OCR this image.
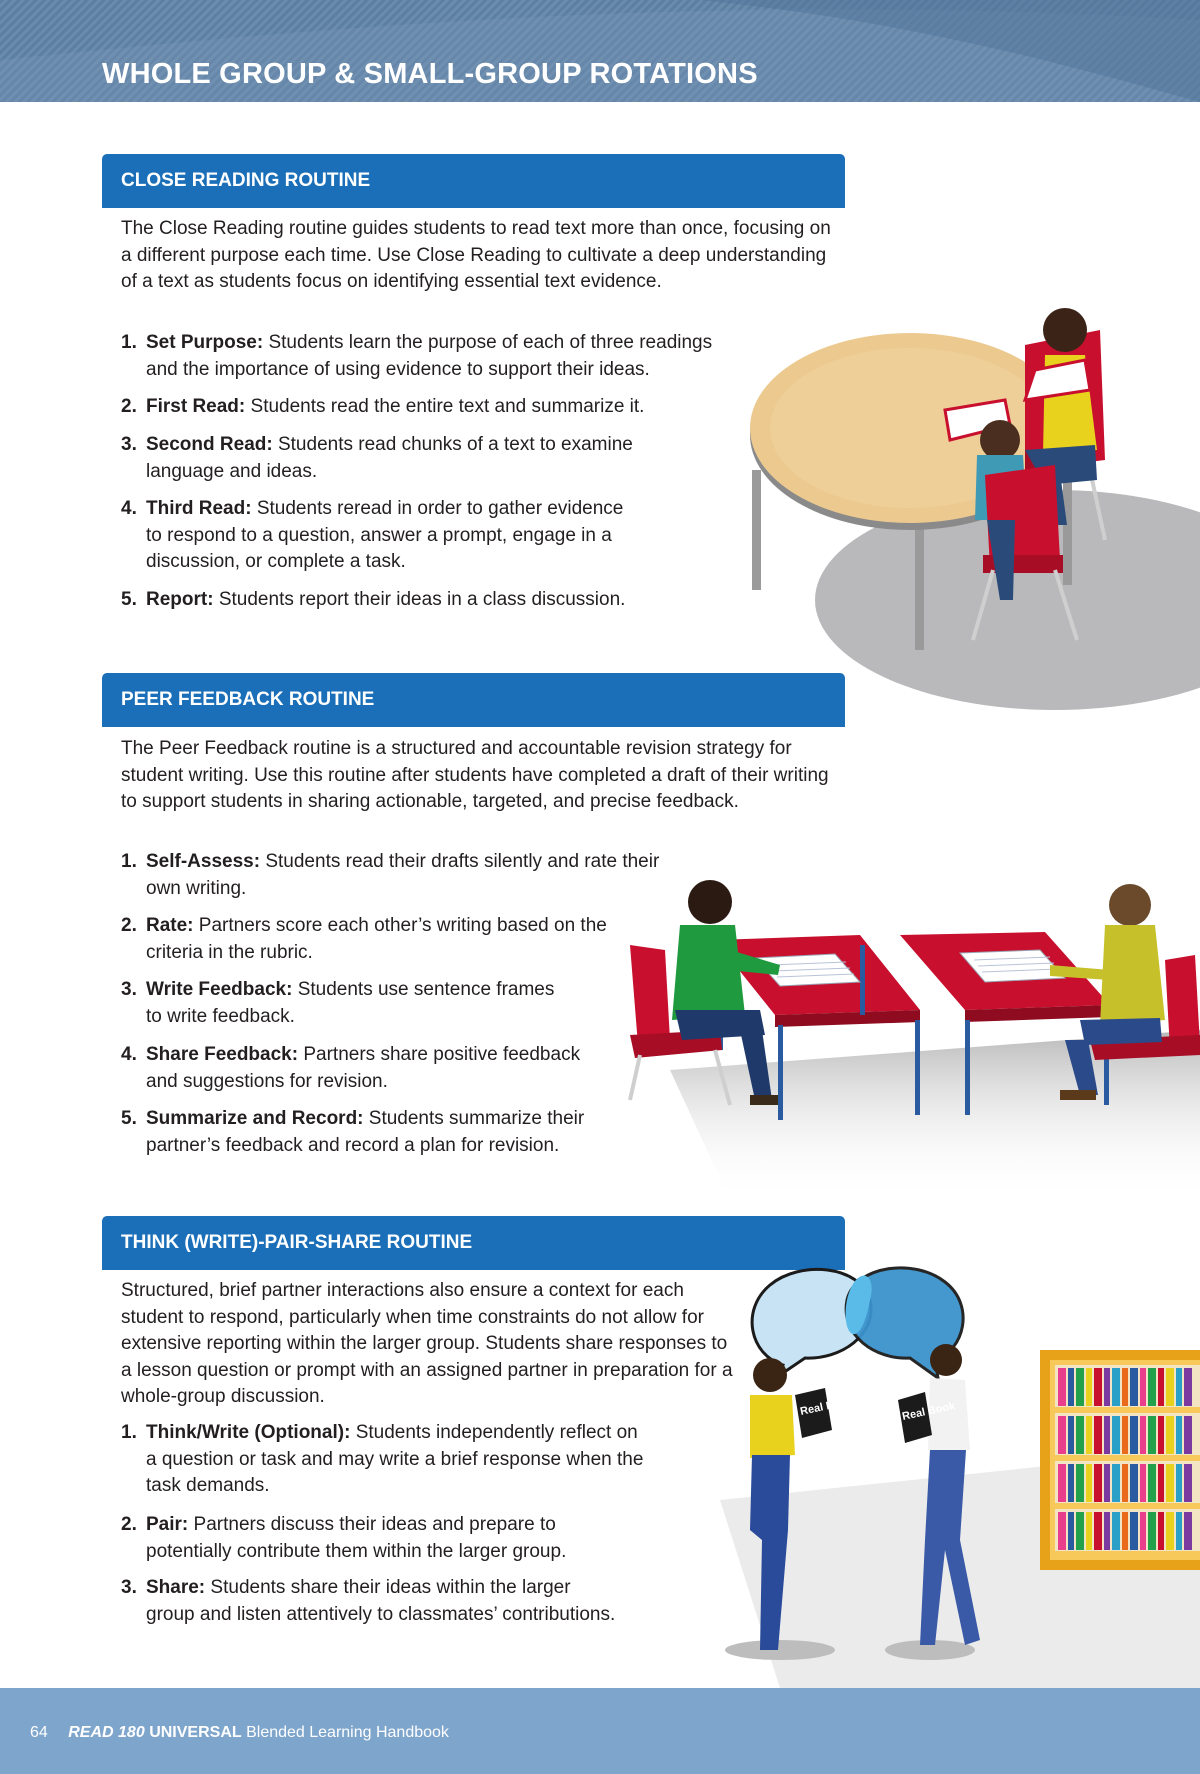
WHOLE GROUP & SMALL-GROUP ROTATIONS
CLOSE READING ROUTINE

The Close Reading routine guides students to read text more than once, focusing on a different purpose each time. Use Close Reading to cultivate a deep understanding of a text as students focus on identifying essential text evidence.

1. Set Purpose: Students learn the purpose of each of three readings
and the importance of using evidence to support their ideas.
2. First Read: Students read the entire text and summarize it.
3. Second Read: Students read chunks of a text to examine
language and ideas.
4. Third Read: Students reread in order to gather evidence
to respond to a question, answer a prompt, engage in a
discussion, or complete a task.
5. Report: Students report their ideas in a class discussion.
PEER FEEDBACK ROUTINE

The Peer Feedback routine is a structured and accountable revision strategy for student writing. Use this routine after students have completed a draft of their writing to support students in sharing actionable, targeted, and precise feedback.

1. Self-Assess: Students read their drafts silently and rate their
own writing.
2. Rate: Partners score each other’s writing based on the
criteria in the rubric.
3. Write Feedback: Students use sentence frames
to write feedback.
4. Share Feedback: Partners share positive feedback
and suggestions for revision.
5. Summarize and Record: Students summarize their
partner’s feedback and record a plan for revision.
THINK (WRITE)-PAIR-SHARE ROUTINE

Structured, brief partner interactions also ensure a context for each student to respond, particularly when time constraints do not allow for extensive reporting within the larger group. Students share responses to a lesson question or prompt with an assigned partner in preparation for a whole-group discussion.

1. Think/Write (Optional): Students independently reflect on
a question or task and may write a brief response when the
task demands.
2. Pair: Partners discuss their ideas and prepare to
potentially contribute them within the larger group.
3. Share: Students share their ideas within the larger
group and listen attentively to classmates’ contributions.
Real Book	Real Book
64 READ 180 UNIVERSAL Blended Learning Handbook
